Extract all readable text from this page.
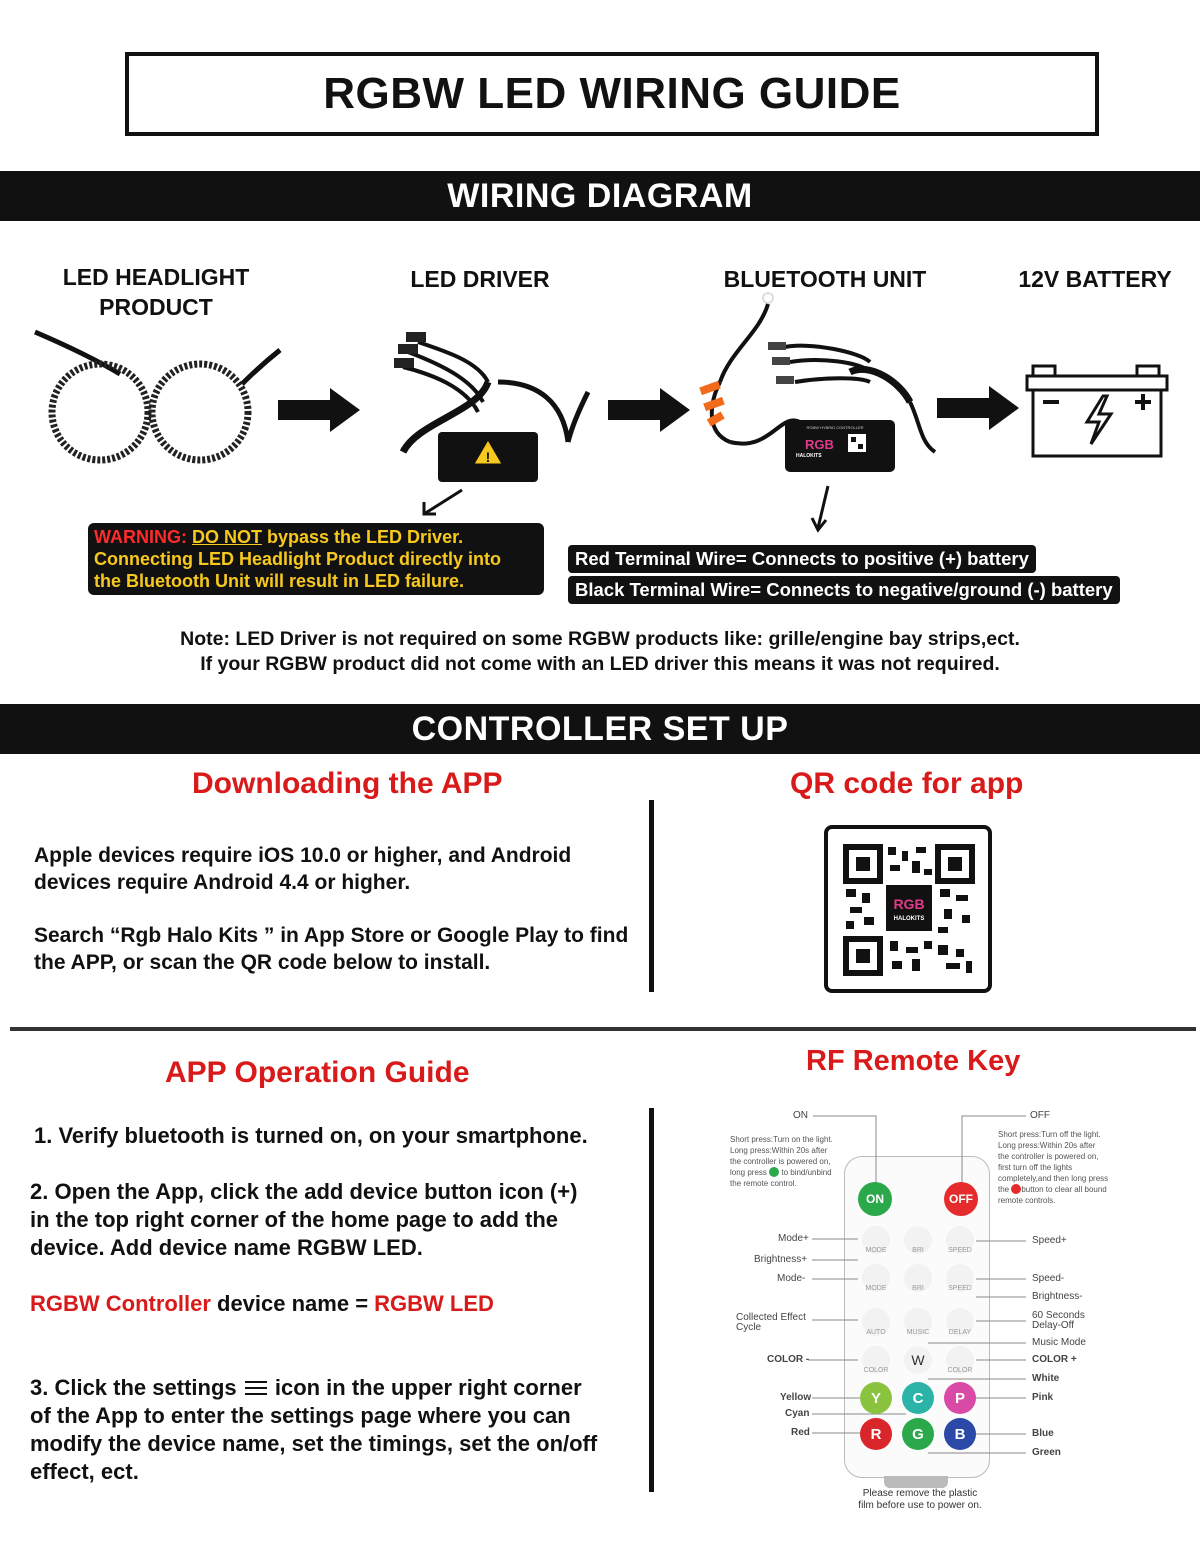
RGBW LED WIRING GUIDE
WIRING DIAGRAM
LED HEADLIGHT
PRODUCT
LED DRIVER	BLUETOOTH UNIT	12V BATTERY
!
RGBW HYBRID CONTROLLER
RGB
HALOKITS
WARNING: DO NOT bypass the LED Driver.
Connecting LED Headlight Product directly into
the Bluetooth Unit will result in LED failure.
Red Terminal Wire= Connects to positive (+) battery
Black Terminal Wire= Connects to negative/ground (-) battery
Note: LED Driver is not required on some RGBW products like: grille/engine bay strips,ect.
If your RGBW product did not come with an LED driver this means it was not required.
CONTROLLER SET UP
Downloading the APP
Apple devices require iOS 10.0 or higher, and Android
devices require Android 4.4 or higher.
Search “Rgb Halo Kits ” in App Store or Google Play to find
the APP, or scan the QR code below to install.
QR code for app
RGB
HALOKITS
APP Operation Guide
1. Verify bluetooth is turned on, on your smartphone.
2. Open the App, click the add device button icon (+)
in the top right corner of the home page to add the
device. Add device name RGBW LED.
RGBW Controller device name = RGBW LED
3. Click the settings  icon in the upper right corner
of the App to enter the settings page where you can
modify the device name, set the timings, set the on/off
effect, ect.
RF Remote Key
ON	OFF
Short press:Turn on the light.
Long press:Within 20s after
the controller is powered on,
long press  to bind/unbind
the remote control.
Short press:Turn off the light.
Long press:Within 20s after
the controller is powered on,
first turn off the lights
completely,and then long press
the button to clear all bound
remote controls.
ON	OFF
Mode+
Brightness+
Mode-
Collected Effect
Cycle
COLOR -
Yellow
Cyan
Red
Speed+
Speed-
Brightness-
60 Seconds
Delay-Off
Music Mode
COLOR +
White
Pink
Blue
Green
MODE	BRI	SPEED
MODE	BRI	SPEED
AUTO	MUSIC	DELAY
COLOR
W
COLOR
Y	C	P
R	G	B
Please remove the plastic
film before use to power on.
